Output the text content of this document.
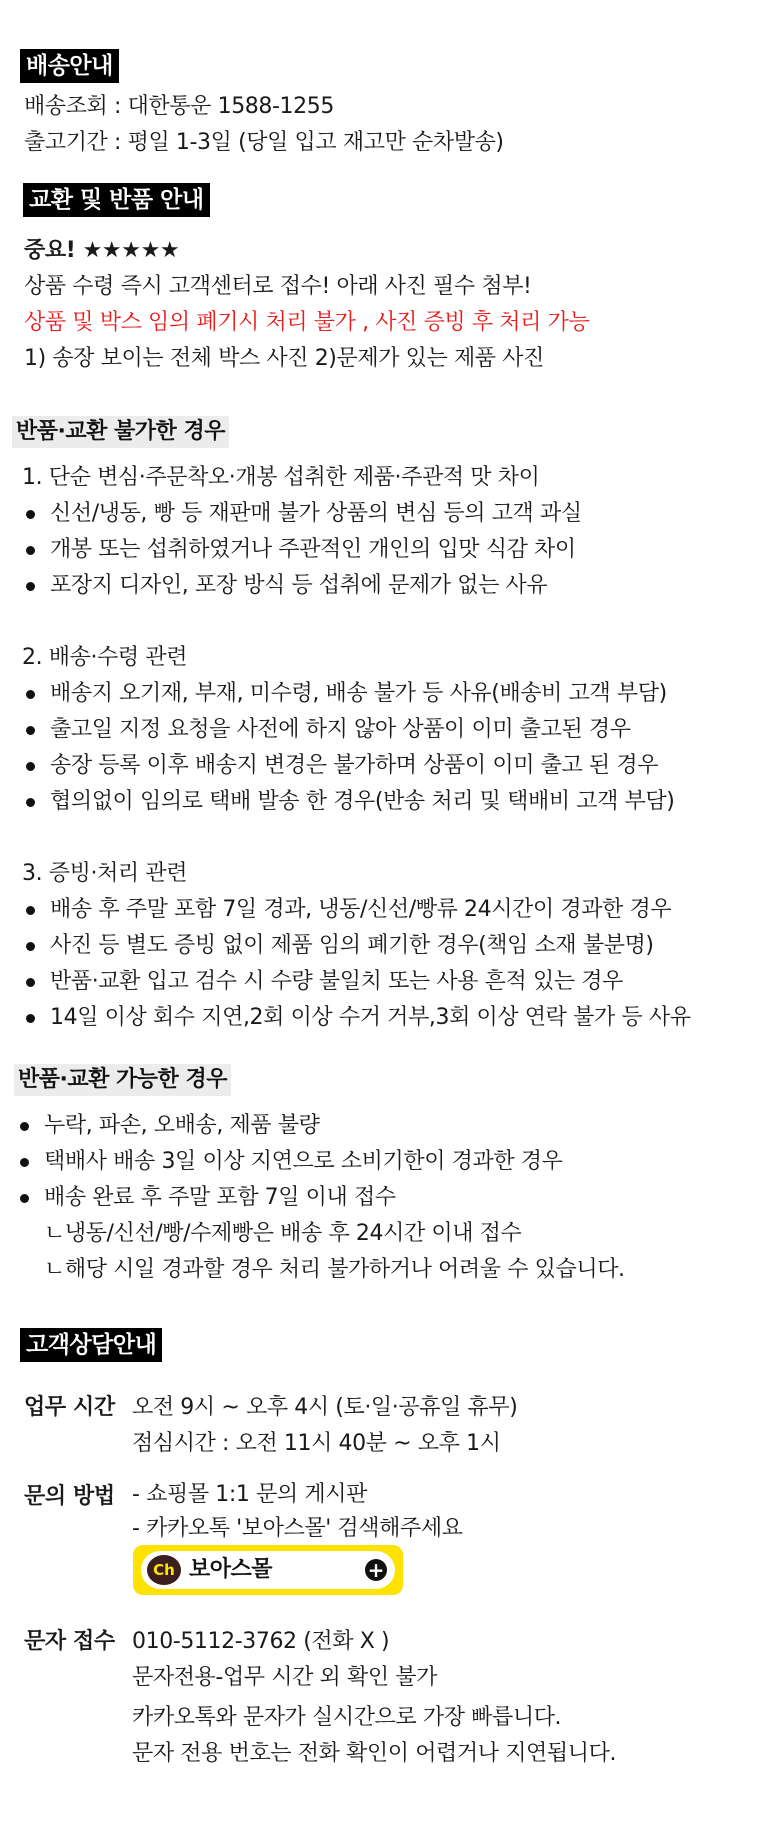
배송안내
배송조회 : 대한통운 1588-1255
출고기간 : 평일 1-3일 (당일 입고 재고만 순차발송)
교환 및 반품 안내
중요! ★★★★★
상품 수령 즉시 고객센터로 접수! 아래 사진 필수 첨부!
상품 및 박스 임의 폐기시 처리 불가 , 사진 증빙 후 처리 가능
1) 송장 보이는 전체 박스 사진 2)문제가 있는 제품 사진
반품·교환 불가한 경우
1. 단순 변심·주문착오·개봉 섭취한 제품·주관적 맛 차이
신선/냉동, 빵 등 재판매 불가 상품의 변심 등의 고객 과실
개봉 또는 섭취하였거나 주관적인 개인의 입맛 식감 차이
포장지 디자인, 포장 방식 등 섭취에 문제가 없는 사유
2. 배송·수령 관련
배송지 오기재, 부재, 미수령, 배송 불가 등 사유(배송비 고객 부담)
출고일 지정 요청을 사전에 하지 않아 상품이 이미 출고된 경우
송장 등록 이후 배송지 변경은 불가하며 상품이 이미 출고 된 경우
협의없이 임의로 택배 발송 한 경우(반송 처리 및 택배비 고객 부담)
3. 증빙·처리 관련
배송 후 주말 포함 7일 경과, 냉동/신선/빵류 24시간이 경과한 경우
사진 등 별도 증빙 없이 제품 임의 폐기한 경우(책임 소재 불분명)
반품·교환 입고 검수 시 수량 불일치 또는 사용 흔적 있는 경우
14일 이상 회수 지연,2회 이상 수거 거부,3회 이상 연락 불가 등 사유
반품·교환 가능한 경우
누락, 파손, 오배송, 제품 불량
택배사 배송 3일 이상 지연으로 소비기한이 경과한 경우
배송 완료 후 주말 포함 7일 이내 접수
ㄴ냉동/신선/빵/수제빵은 배송 후 24시간 이내 접수
ㄴ해당 시일 경과할 경우 처리 불가하거나 어려울 수 있습니다.
고객상담안내
업무 시간 오전 9시 ~ 오후 4시 (토·일·공휴일 휴무)
점심시간 : 오전 11시 40분 ~ 오후 1시
문의 방법 - 쇼핑몰 1:1 문의 게시판
- 카카오톡 '보아스몰' 검색해주세요
Ch 보아스몰	+
문자 접수 010-5112-3762 (전화 X )
문자전용-업무 시간 외 확인 불가
카카오톡와 문자가 실시간으로 가장 빠릅니다.
문자 전용 번호는 전화 확인이 어렵거나 지연됩니다.
